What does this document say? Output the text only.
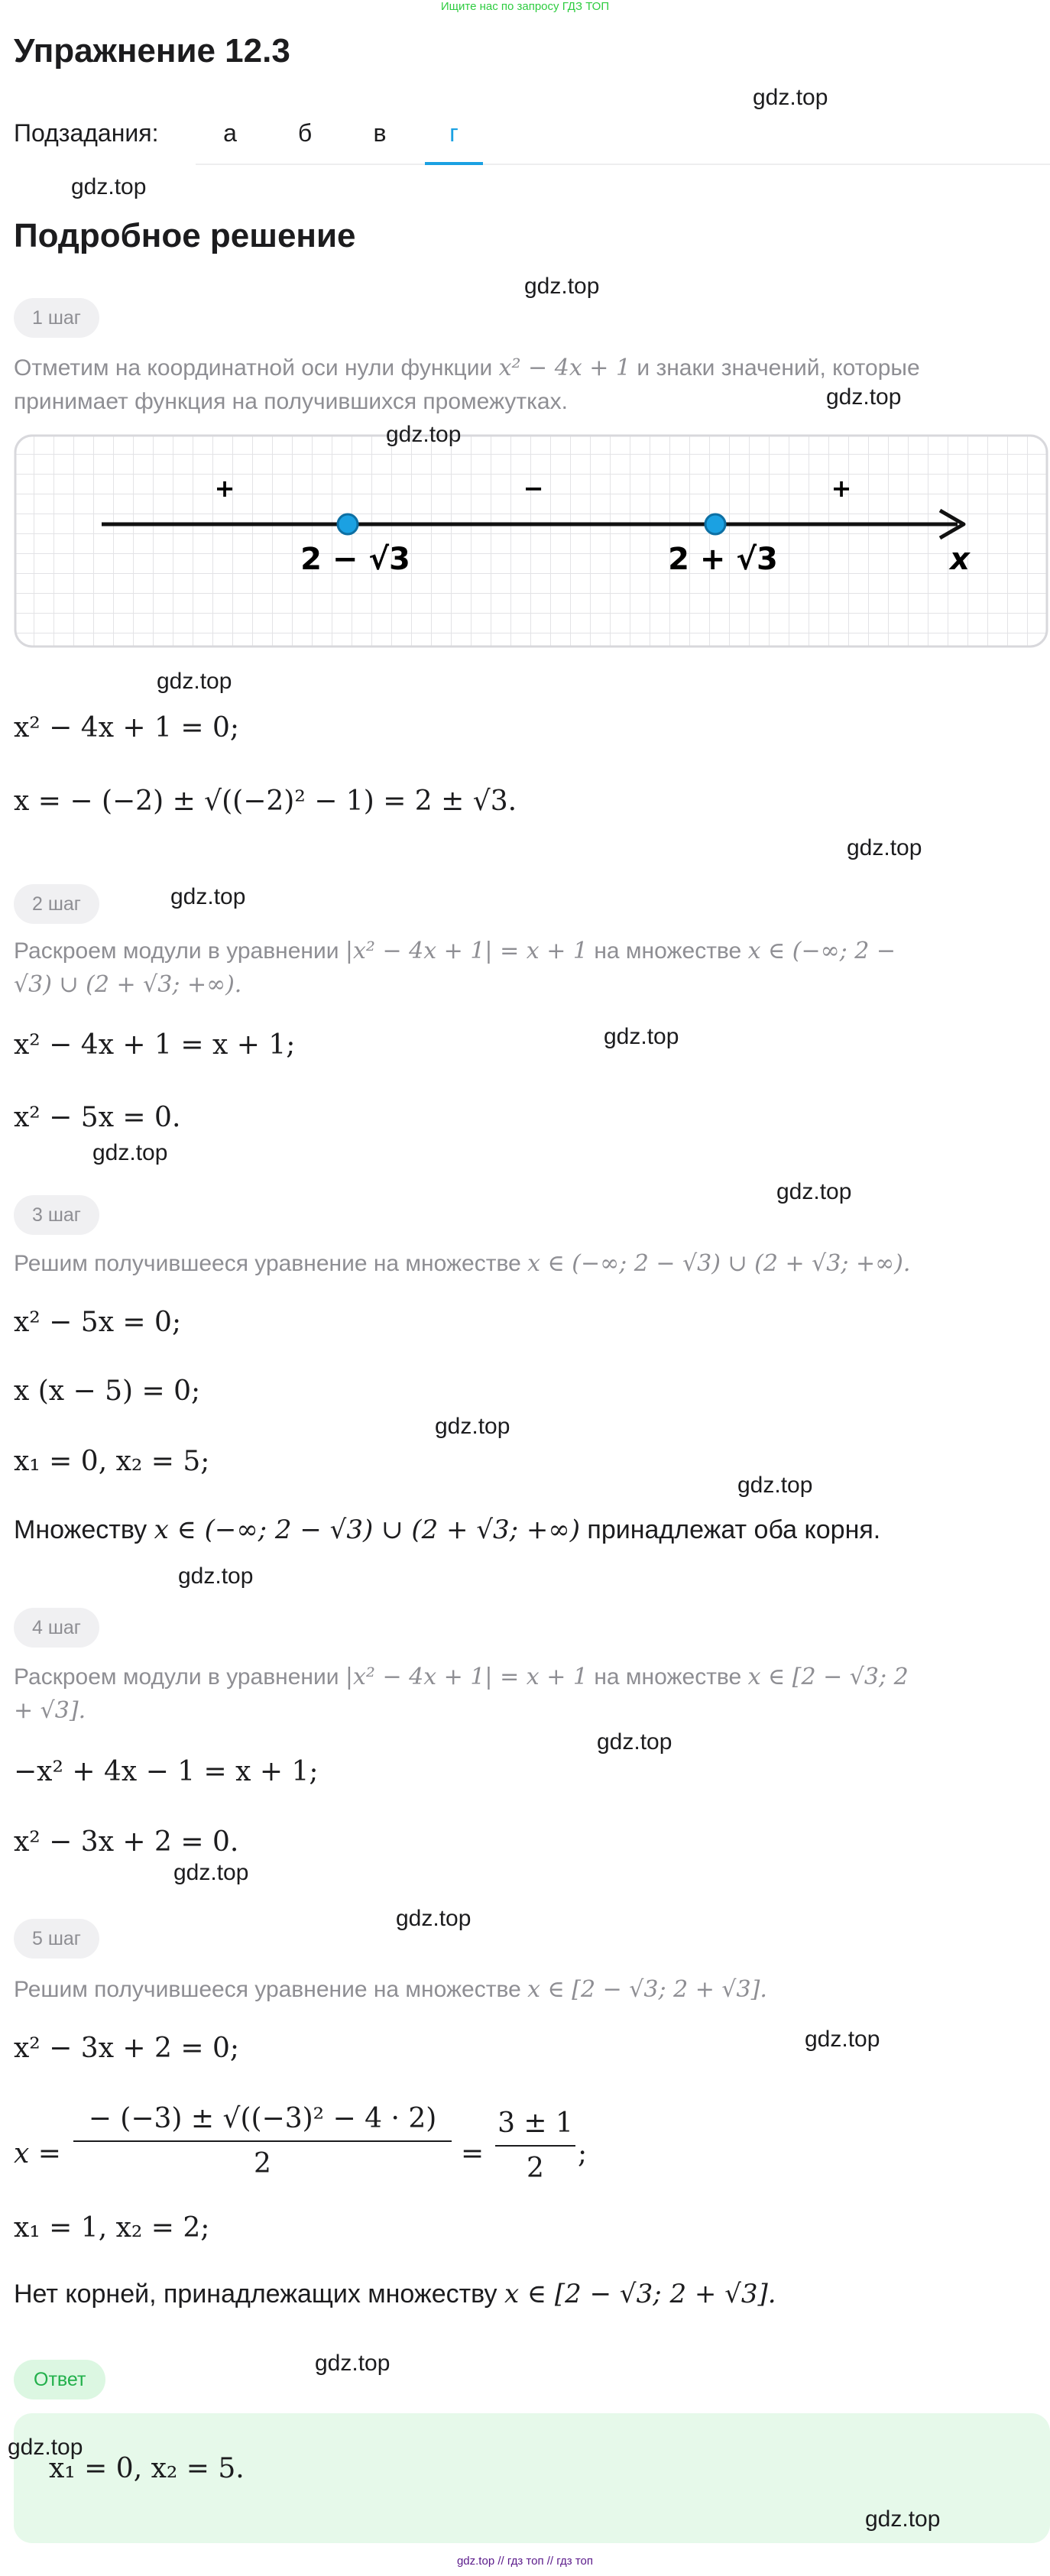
Ищите нас по запросу ГДЗ ТОП
Упражнение 12.3
Подзадания:	а	б	в	г
Подробное решение
1 шаг
Отметим на координатной оси нули функции x² − 4x + 1 и знаки значений, которые принимает функция на получившихся промежутках.
+	−	+
2 − √3	2 + √3	x
x² − 4x + 1 = 0;
x = − (−2) ± √((−2)² − 1) = 2 ± √3.
2 шаг
Раскроем модули в уравнении |x² − 4x + 1| = x + 1 на множестве x ∈ (−∞; 2 − √3) ∪ (2 + √3; +∞).
x² − 4x + 1 = x + 1;
x² − 5x = 0.
3 шаг
Решим получившееся уравнение на множестве x ∈ (−∞; 2 − √3) ∪ (2 + √3; +∞).
x² − 5x = 0;
x (x − 5) = 0;
x₁ = 0, x₂ = 5;
Множеству x ∈ (−∞; 2 − √3) ∪ (2 + √3; +∞) принадлежат оба корня.
4 шаг
Раскроем модули в уравнении |x² − 4x + 1| = x + 1 на множестве x ∈ [2 − √3; 2 + √3].
−x² + 4x − 1 = x + 1;
x² − 3x + 2 = 0.
5 шаг
Решим получившееся уравнение на множестве x ∈ [2 − √3; 2 + √3].
x² − 3x + 2 = 0;
$x = \frac{\text{− (−3) ± √((−3)² − 4 · 2)}}{2} = \frac{3 \pm 1}{2}$ ;
x₁ = 1, x₂ = 2;
Нет корней, принадлежащих множеству x ∈ [2 − √3; 2 + √3].
Ответ
x₁ = 0, x₂ = 5.
gdz.top
gdz.top
gdz.top
gdz.top
gdz.top
gdz.top
gdz.top
gdz.top
gdz.top
gdz.top
gdz.top
gdz.top
gdz.top
gdz.top
gdz.top
gdz.top
gdz.top
gdz.top
gdz.top
gdz.top
gdz.top
gdz.top // гдз топ // гдз топ
